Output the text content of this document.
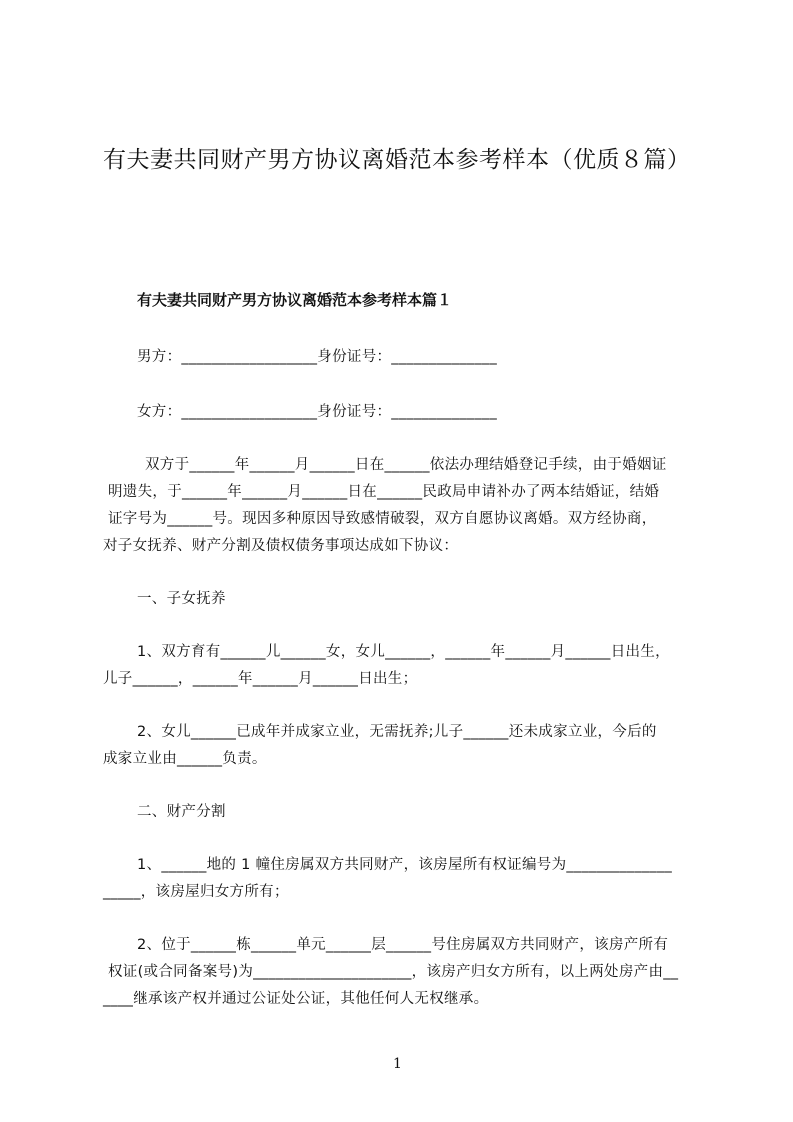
有夫妻共同财产男方协议离婚范本参考样本（优质８篇）
有夫妻共同财产男方协议离婚范本参考样本篇１
男方：__________________身份证号：______________
女方：__________________身份证号：______________
双方于______年______月______日在______依法办理结婚登记手续，由于婚姻证
明遗失，于______年______月______日在______民政局申请补办了两本结婚证，结婚
证字号为______号。现因多种原因导致感情破裂，双方自愿协议离婚。双方经协商，
对子女抚养、财产分割及债权债务事项达成如下协议：
一、子女抚养
1、双方育有______儿______女，女儿______，______年______月______日出生，
儿子______，______年______月______日出生；
2、女儿______已成年并成家立业，无需抚养;儿子______还未成家立业，今后的
成家立业由______负责。
二、财产分割
1、______地的 1 幢住房属双方共同财产，该房屋所有权证编号为______________
_____，该房屋归女方所有；
2、位于______栋______单元______层______号住房属双方共同财产，该房产所有
权证(或合同备案号)为_____________________，该房产归女方所有，以上两处房产由__
____继承该产权并通过公证处公证，其他任何人无权继承。
1
